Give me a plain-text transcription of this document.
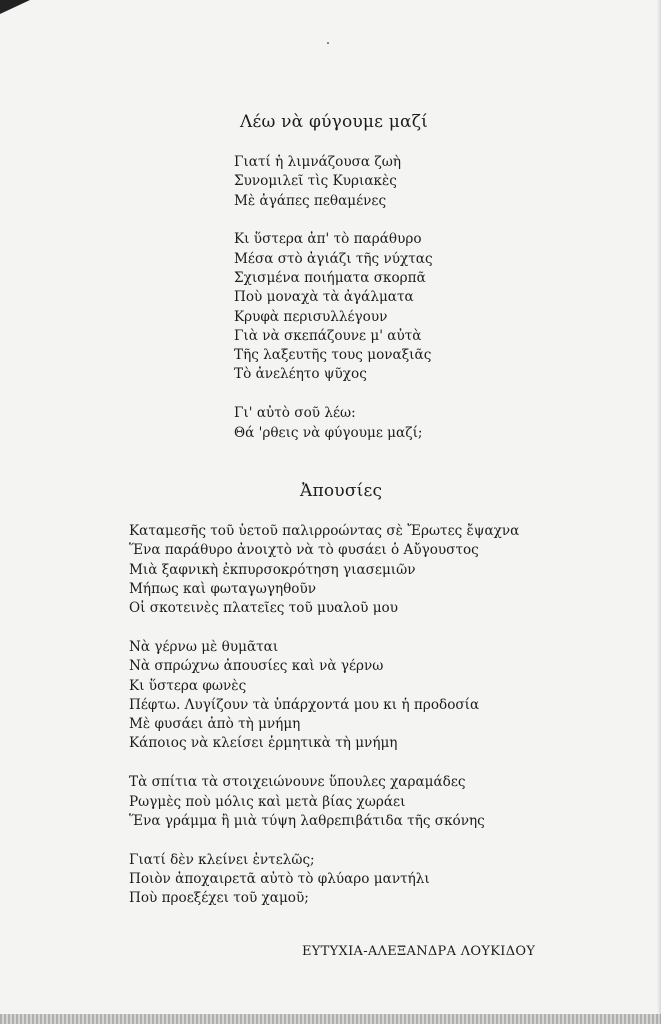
Λέω νὰ φύγουμε μαζί
Γιατί ἡ λιμνάζουσα ζωὴ
Συνομιλεῖ τὶς Κυριακὲς
Μὲ ἀγάπες πεθαμένες
Κι ὕστερα ἀπ' τὸ παράθυρο
Μέσα στὸ ἀγιάζι τῆς νύχτας
Σχισμένα ποιήματα σκορπᾶ
Ποὺ μοναχὰ τὰ ἀγάλματα
Κρυφὰ περισυλλέγουν
Γιὰ νὰ σκεπάζουνε μ' αὐτὰ
Τῆς λαξευτῆς τους μοναξιᾶς
Τὸ ἀνελέητο ψῦχος
Γι' αὐτὸ σοῦ λέω:
Θά 'ρθεις νὰ φύγουμε μαζί;
Ἀπουσίες
Καταμεσῆς τοῦ ὑετοῦ παλιρροώντας σὲ Ἔρωτες ἔψαχνα
Ἕνα παράθυρο ἀνοιχτὸ νὰ τὸ φυσάει ὁ Αὔγουστος
Μιὰ ξαφνικὴ ἐκπυρσοκρότηση γιασεμιῶν
Μήπως καὶ φωταγωγηθοῦν
Οἱ σκοτεινὲς πλατεῖες τοῦ μυαλοῦ μου
Νὰ γέρνω μὲ θυμᾶται
Νὰ σπρώχνω ἀπουσίες καὶ νὰ γέρνω
Κι ὕστερα φωνὲς
Πέφτω. Λυγίζουν τὰ ὑπάρχοντά μου κι ἡ προδοσία
Μὲ φυσάει ἀπὸ τὴ μνήμη
Κάποιος νὰ κλείσει ἑρμητικὰ τὴ μνήμη
Τὰ σπίτια τὰ στοιχειώνουνε ὕπουλες χαραμάδες
Ρωγμὲς ποὺ μόλις καὶ μετὰ βίας χωράει
Ἕνα γράμμα ἢ μιὰ τύψη λαθρεπιβάτιδα τῆς σκόνης
Γιατί δὲν κλείνει ἐντελῶς;
Ποιὸν ἀποχαιρετᾶ αὐτὸ τὸ φλύαρο μαντήλι
Ποὺ προεξέχει τοῦ χαμοῦ;
ΕΥΤΥΧΙΑ-ΑΛΕΞΑΝΔΡΑ ΛΟΥΚΙΔΟΥ
